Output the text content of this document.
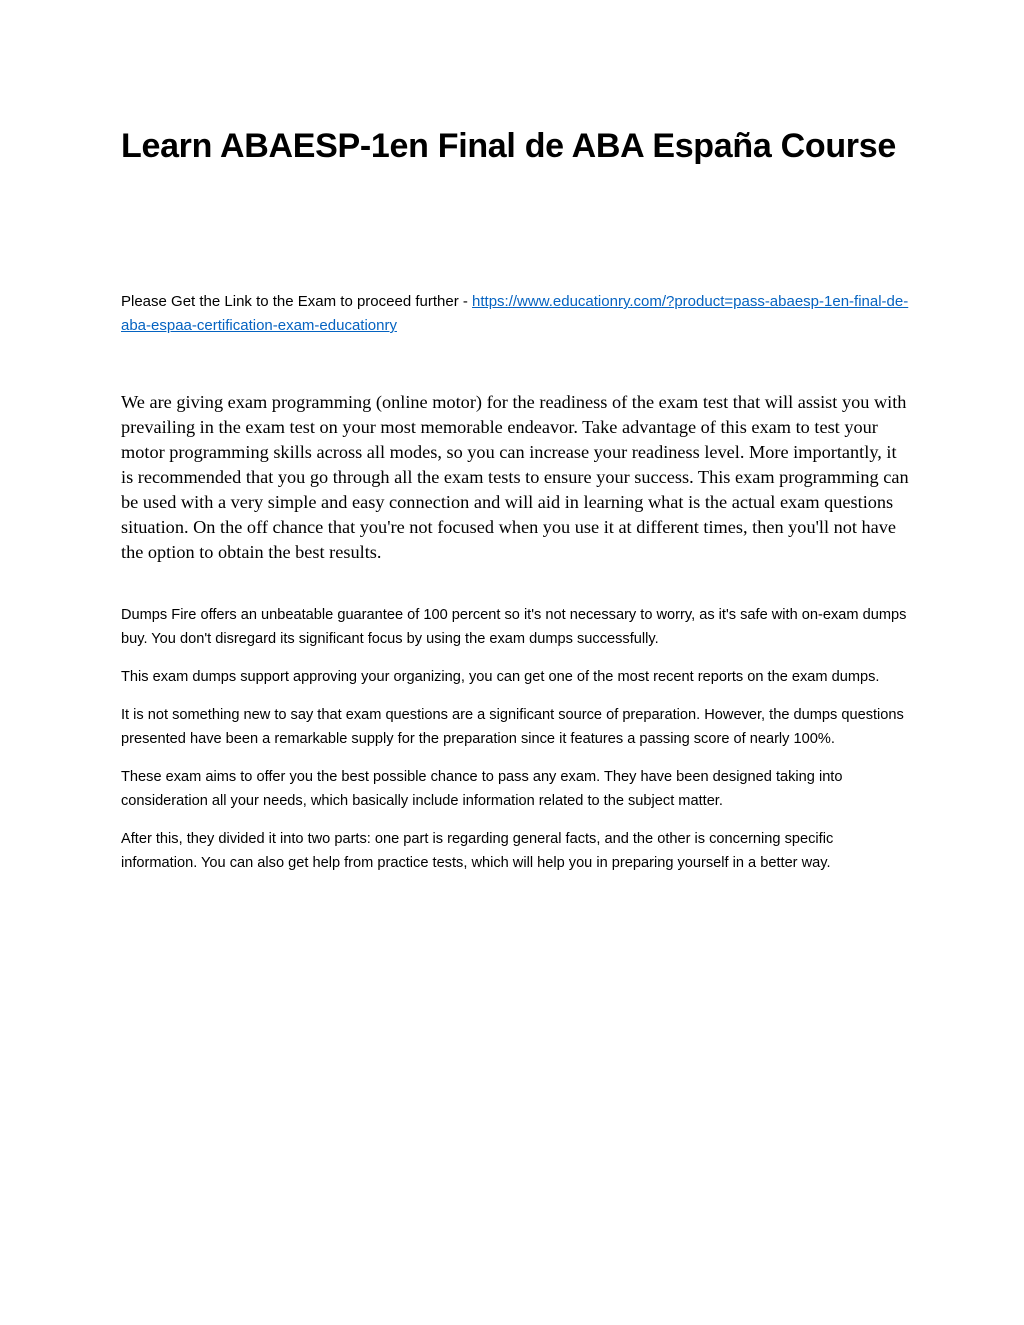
Learn ABAESP-1en Final de ABA España Course

Please Get the Link to the Exam to proceed further - https://www.educationry.com/?product=pass-abaesp-1en-final-de-aba-espaa-certification-exam-educationry

We are giving exam programming (online motor) for the readiness of the exam test that will assist you with prevailing in the exam test on your most memorable endeavor. Take advantage of this exam to test your motor programming skills across all modes, so you can increase your readiness level. More importantly, it is recommended that you go through all the exam tests to ensure your success. This exam programming can be used with a very simple and easy connection and will aid in learning what is the actual exam questions situation. On the off chance that you're not focused when you use it at different times, then you'll not have the option to obtain the best results.

Dumps Fire offers an unbeatable guarantee of 100 percent so it's not necessary to worry, as it's safe with on-exam dumps buy. You don't disregard its significant focus by using the exam dumps successfully.

This exam dumps support approving your organizing, you can get one of the most recent reports on the exam dumps.

It is not something new to say that exam questions are a significant source of preparation. However, the dumps questions presented have been a remarkable supply for the preparation since it features a passing score of nearly 100%.

These exam aims to offer you the best possible chance to pass any exam. They have been designed taking into consideration all your needs, which basically include information related to the subject matter.

After this, they divided it into two parts: one part is regarding general facts, and the other is concerning specific information. You can also get help from practice tests, which will help you in preparing yourself in a better way.
